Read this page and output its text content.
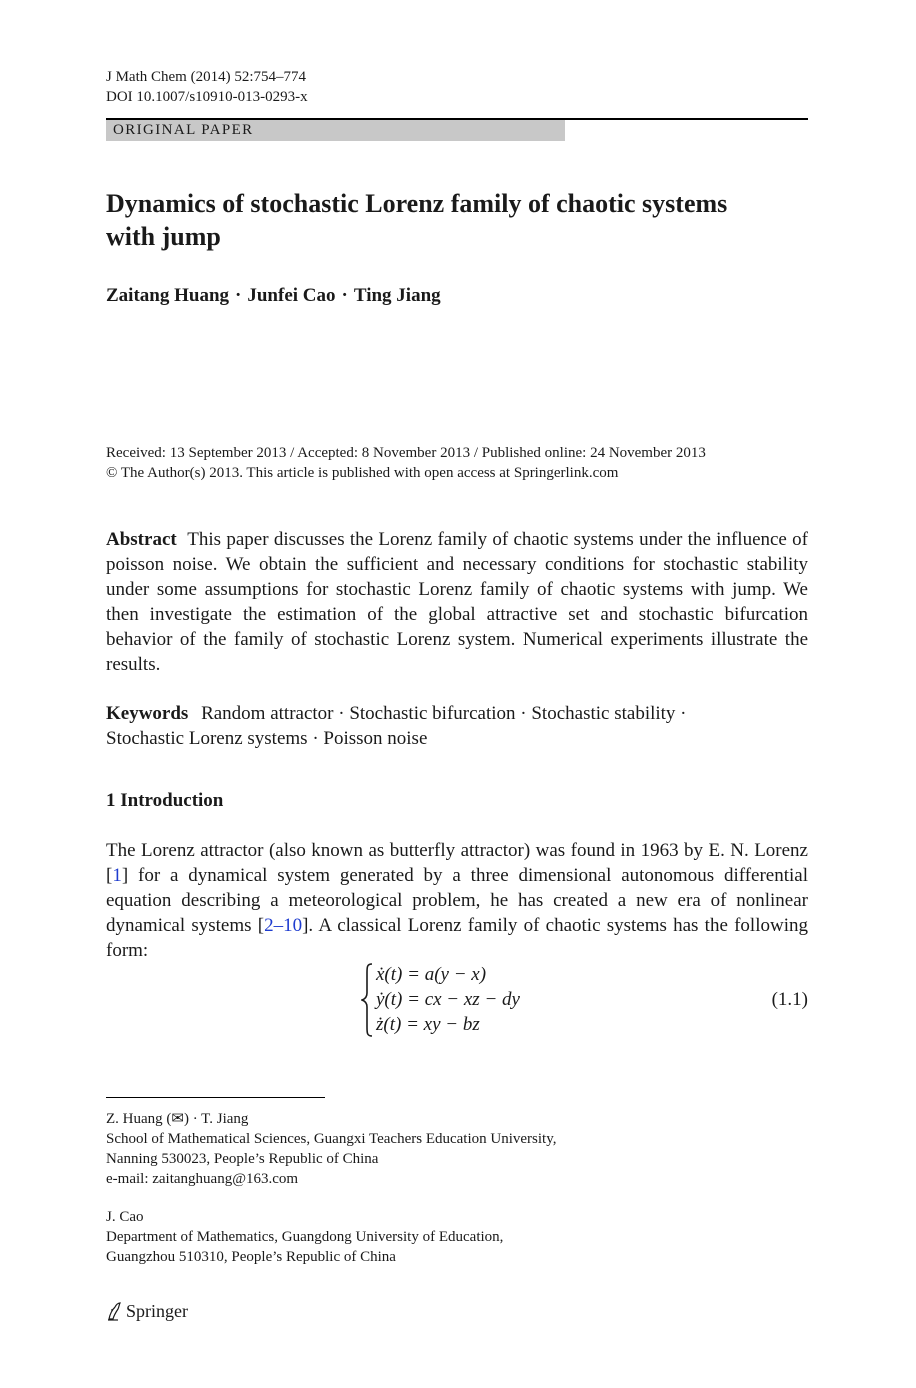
J Math Chem (2014) 52:754–774
DOI 10.1007/s10910-013-0293-x
ORIGINAL PAPER
Dynamics of stochastic Lorenz family of chaotic systems
with jump
Zaitang Huang · Junfei Cao · Ting Jiang
Received: 13 September 2013 / Accepted: 8 November 2013 / Published online: 24 November 2013
© The Author(s) 2013. This article is published with open access at Springerlink.com
Abstract This paper discusses the Lorenz family of chaotic systems under the influence of poisson noise. We obtain the sufficient and necessary conditions for stochastic stability under some assumptions for stochastic Lorenz family of chaotic systems with jump. We then investigate the estimation of the global attractive set and stochastic bifurcation behavior of the family of stochastic Lorenz system. Numerical experiments illustrate the results.
Keywords Random attractor · Stochastic bifurcation · Stochastic stability ·
Stochastic Lorenz systems · Poisson noise
1 Introduction
The Lorenz attractor (also known as butterfly attractor) was found in 1963 by E. N. Lorenz [1] for a dynamical system generated by a three dimensional autonomous differential equation describing a meteorological problem, he has created a new era of nonlinear dynamical systems [2–10]. A classical Lorenz family of chaotic systems has the following form:
ẋ(t) = a(y − x)
ẏ(t) = cx − xz − dy
ż(t) = xy − bz
(1.1)
Z. Huang (✉) · T. Jiang
School of Mathematical Sciences, Guangxi Teachers Education University,
Nanning 530023, People’s Republic of China
e-mail: zaitanghuang@163.com
J. Cao
Department of Mathematics, Guangdong University of Education,
Guangzhou 510310, People’s Republic of China
Springer
